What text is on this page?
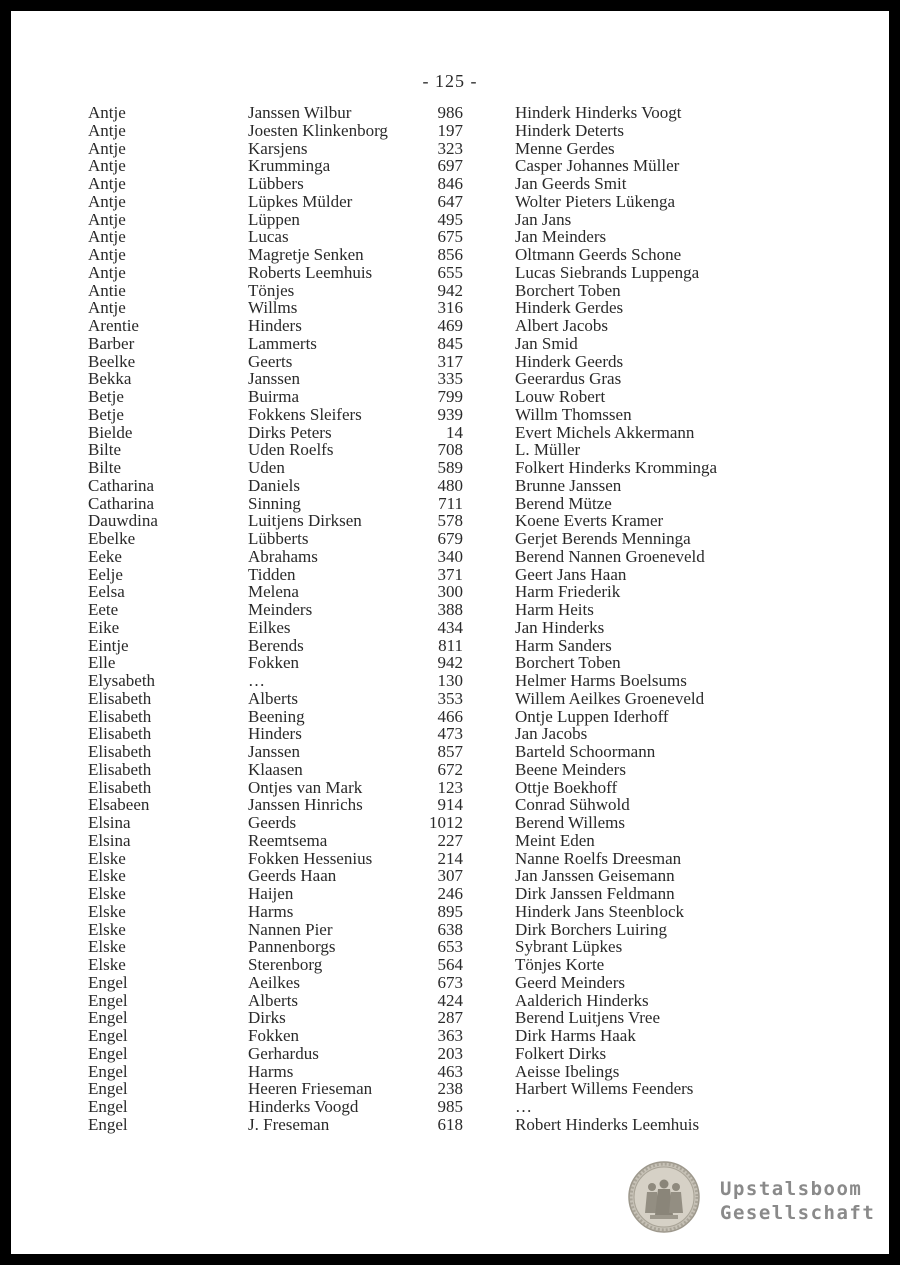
- 125 -
Antje	Janssen Wilbur	986	Hinderk Hinderks Voogt
Antje	Joesten Klinkenborg	197	Hinderk Deterts
Antje	Karsjens	323	Menne Gerdes
Antje	Krumminga	697	Casper Johannes Müller
Antje	Lübbers	846	Jan Geerds Smit
Antje	Lüpkes Mülder	647	Wolter Pieters Lükenga
Antje	Lüppen	495	Jan Jans
Antje	Lucas	675	Jan Meinders
Antje	Magretje Senken	856	Oltmann Geerds Schone
Antje	Roberts Leemhuis	655	Lucas Siebrands Luppenga
Antie	Tönjes	942	Borchert Toben
Antje	Willms	316	Hinderk Gerdes
Arentie	Hinders	469	Albert Jacobs
Barber	Lammerts	845	Jan Smid
Beelke	Geerts	317	Hinderk Geerds
Bekka	Janssen	335	Geerardus Gras
Betje	Buirma	799	Louw Robert
Betje	Fokkens Sleifers	939	Willm Thomssen
Bielde	Dirks Peters	14	Evert Michels Akkermann
Bilte	Uden Roelfs	708	L. Müller
Bilte	Uden	589	Folkert Hinderks Kromminga
Catharina	Daniels	480	Brunne Janssen
Catharina	Sinning	711	Berend Mütze
Dauwdina	Luitjens Dirksen	578	Koene Everts Kramer
Ebelke	Lübberts	679	Gerjet Berends Menninga
Eeke	Abrahams	340	Berend Nannen Groeneveld
Eelje	Tidden	371	Geert Jans Haan
Eelsa	Melena	300	Harm Friederik
Eete	Meinders	388	Harm Heits
Eike	Eilkes	434	Jan Hinderks
Eintje	Berends	811	Harm Sanders
Elle	Fokken	942	Borchert Toben
Elysabeth	…	130	Helmer Harms Boelsums
Elisabeth	Alberts	353	Willem Aeilkes Groeneveld
Elisabeth	Beening	466	Ontje Luppen Iderhoff
Elisabeth	Hinders	473	Jan Jacobs
Elisabeth	Janssen	857	Barteld Schoormann
Elisabeth	Klaasen	672	Beene Meinders
Elisabeth	Ontjes van Mark	123	Ottje Boekhoff
Elsabeen	Janssen Hinrichs	914	Conrad Sühwold
Elsina	Geerds	1012	Berend Willems
Elsina	Reemtsema	227	Meint Eden
Elske	Fokken Hessenius	214	Nanne Roelfs Dreesman
Elske	Geerds Haan	307	Jan Janssen Geisemann
Elske	Haijen	246	Dirk Janssen Feldmann
Elske	Harms	895	Hinderk Jans Steenblock
Elske	Nannen Pier	638	Dirk Borchers Luiring
Elske	Pannenborgs	653	Sybrant Lüpkes
Elske	Sterenborg	564	Tönjes Korte
Engel	Aeilkes	673	Geerd Meinders
Engel	Alberts	424	Aalderich Hinderks
Engel	Dirks	287	Berend Luitjens Vree
Engel	Fokken	363	Dirk Harms Haak
Engel	Gerhardus	203	Folkert Dirks
Engel	Harms	463	Aeisse Ibelings
Engel	Heeren Frieseman	238	Harbert Willems Feenders
Engel	Hinderks Voogd	985	…
Engel	J. Freseman	618	Robert Hinderks Leemhuis
Upstalsboom
Gesellschaft
